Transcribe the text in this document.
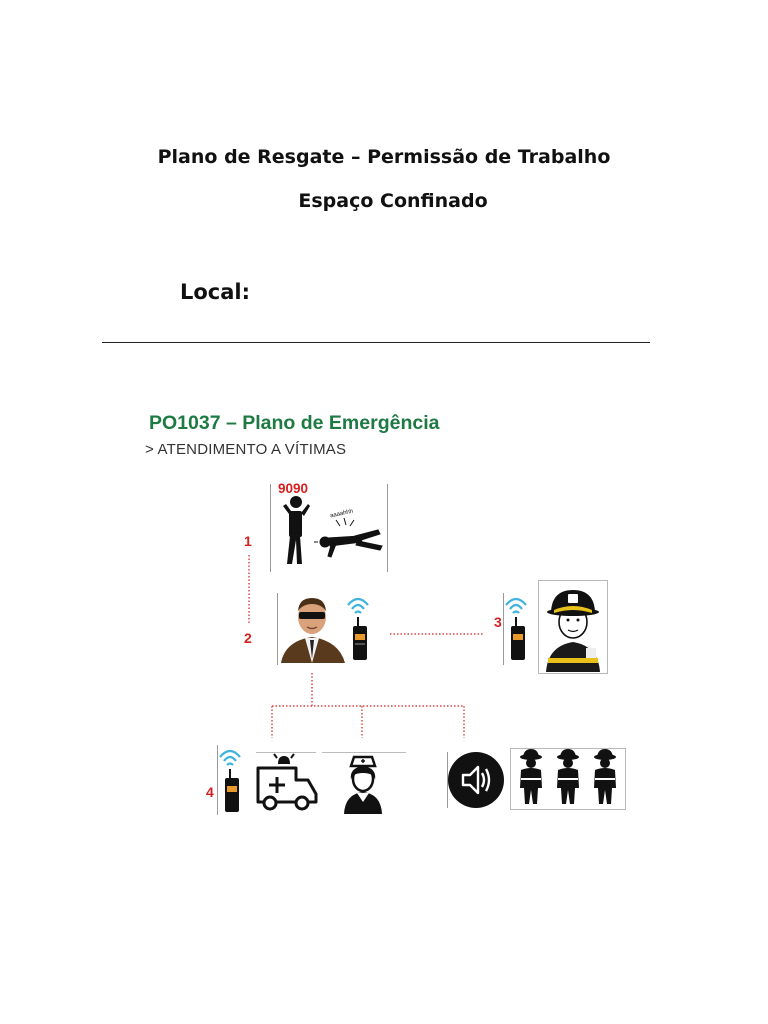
Plano de Resgate – Permissão de Trabalho
Espaço Confinado
Local:
PO1037 – Plano de Emergência
> ATENDIMENTO A VÍTIMAS
1
2
3
4
9090
aaaahhh
